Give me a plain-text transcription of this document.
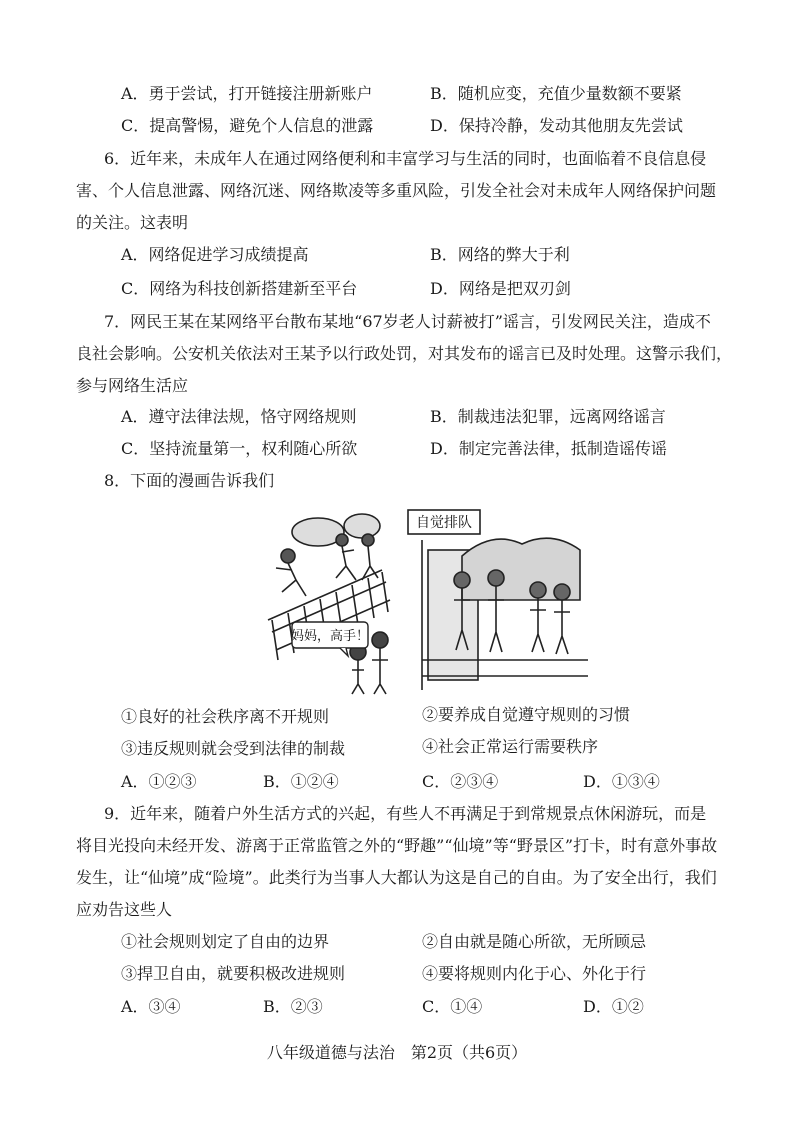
A．勇于尝试，打开链接注册新账户	B．随机应变，充值少量数额不要紧
C．提高警惕，避免个人信息的泄露	D．保持冷静，发动其他朋友先尝试
6．近年来，未成年人在通过网络便利和丰富学习与生活的同时，也面临着不良信息侵
害、个人信息泄露、网络沉迷、网络欺凌等多重风险，引发全社会对未成年人网络保护问题
的关注。这表明
A．网络促进学习成绩提高	B．网络的弊大于利
C．网络为科技创新搭建新至平台	D．网络是把双刃剑
7．网民王某在某网络平台散布某地“67岁老人讨薪被打”谣言，引发网民关注，造成不
良社会影响。公安机关依法对王某予以行政处罚，对其发布的谣言已及时处理。这警示我们，
参与网络生活应
A．遵守法律法规，恪守网络规则	B．制裁违法犯罪，远离网络谣言
C．坚持流量第一，权利随心所欲	D．制定完善法律，抵制造谣传谣
8．下面的漫画告诉我们
妈妈，高手！
自觉排队
①良好的社会秩序离不开规则	②要养成自觉遵守规则的习惯
③违反规则就会受到法律的制裁	④社会正常运行需要秩序
A．①②③	B．①②④	C．②③④	D．①③④
9．近年来，随着户外生活方式的兴起，有些人不再满足于到常规景点休闲游玩，而是
将目光投向未经开发、游离于正常监管之外的“野趣”“仙境”等“野景区”打卡，时有意外事故
发生，让“仙境”成“险境”。此类行为当事人大都认为这是自己的自由。为了安全出行，我们
应劝告这些人
①社会规则划定了自由的边界	②自由就是随心所欲，无所顾忌
③捍卫自由，就要积极改进规则	④要将规则内化于心、外化于行
A．③④	B．②③	C．①④	D．①②
八年级道德与法治　第2页（共6页）
